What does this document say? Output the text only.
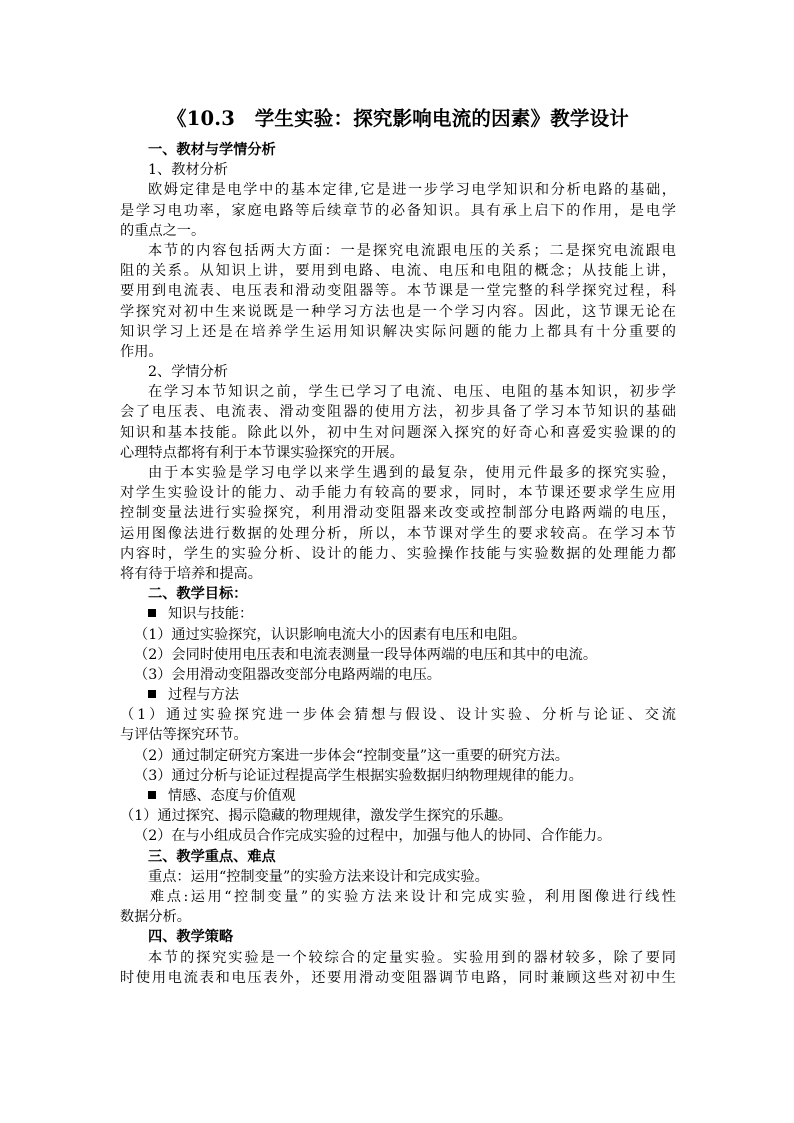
《10.3　学生实验：探究影响电流的因素》教学设计
一、教材与学情分析
1、教材分析
欧姆定律是电学中的基本定律,它是进一步学习电学知识和分析电路的基础，
是学习电功率，家庭电路等后续章节的必备知识。具有承上启下的作用，是电学
的重点之一。
本节的内容包括两大方面：一是探究电流跟电压的关系；二是探究电流跟电
阻的关系。从知识上讲，要用到电路、电流、电压和电阻的概念；从技能上讲，
要用到电流表、电压表和滑动变阻器等。本节课是一堂完整的科学探究过程，科
学探究对初中生来说既是一种学习方法也是一个学习内容。因此，这节课无论在
知识学习上还是在培养学生运用知识解决实际问题的能力上都具有十分重要的
作用。
2、学情分析
在学习本节知识之前，学生已学习了电流、电压、电阻的基本知识，初步学
会了电压表、电流表、滑动变阻器的使用方法，初步具备了学习本节知识的基础
知识和基本技能。除此以外，初中生对问题深入探究的好奇心和喜爱实验课的的
心理特点都将有利于本节课实验探究的开展。
由于本实验是学习电学以来学生遇到的最复杂，使用元件最多的探究实验，
对学生实验设计的能力、动手能力有较高的要求，同时，本节课还要求学生应用
控制变量法进行实验探究，利用滑动变阻器来改变或控制部分电路两端的电压，
运用图像法进行数据的处理分析，所以，本节课对学生的要求较高。在学习本节
内容时，学生的实验分析、设计的能力、实验操作技能与实验数据的处理能力都
将有待于培养和提高。
二、教学目标：
知识与技能：
（1）通过实验探究，认识影响电流大小的因素有电压和电阻。
（2）会同时使用电压表和电流表测量一段导体两端的电压和其中的电流。
（3）会用滑动变阻器改变部分电路两端的电压。
过程与方法
（1）通过实验探究进一步体会猜想与假设、设计实验、分析与论证、交流
与评估等探究环节。
（2）通过制定研究方案进一步体会“控制变量”这一重要的研究方法。
（3）通过分析与论证过程提高学生根据实验数据归纳物理规律的能力。
情感、态度与价值观
（1）通过探究、揭示隐藏的物理规律，激发学生探究的乐趣。
（2）在与小组成员合作完成实验的过程中，加强与他人的协同、合作能力。
三、教学重点、难点
重点：运用“控制变量”的实验方法来设计和完成实验。
难点:运用“控制变量”的实验方法来设计和完成实验，利用图像进行线性
数据分析。
四、教学策略
本节的探究实验是一个较综合的定量实验。实验用到的器材较多，除了要同
时使用电流表和电压表外，还要用滑动变阻器调节电路，同时兼顾这些对初中生
